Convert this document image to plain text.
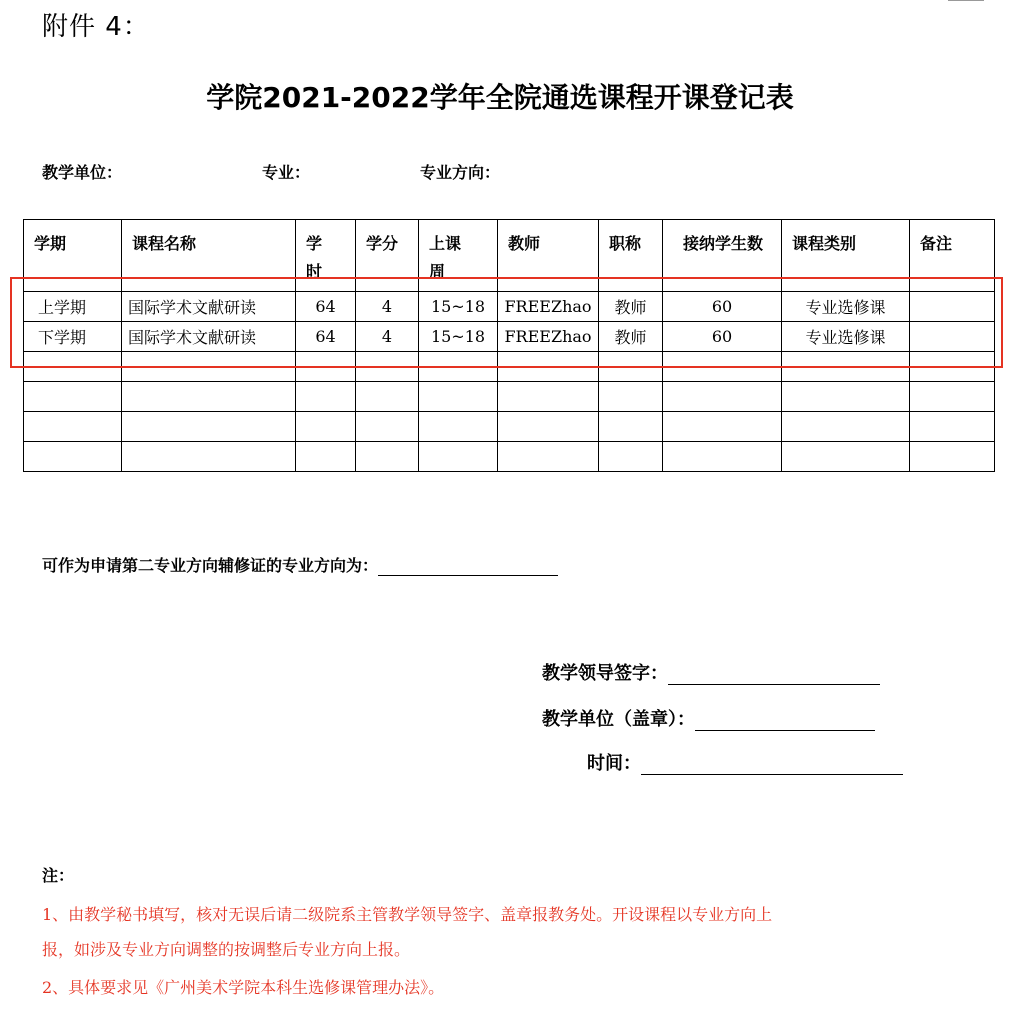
附件 4：
学院2021-2022学年全院通选课程开课登记表
教学单位：	专业：	专业方向：
学期	课程名称	学时	学分	上课周	教师	职称	接纳学生数	课程类别	备注
上学期	国际学术文献研读	64	4	15~18	FREEZhao	教师	60	专业选修课	
下学期	国际学术文献研读	64	4	15~18	FREEZhao	教师	60	专业选修课	

可作为申请第二专业方向辅修证的专业方向为：
教学领导签字：
教学单位（盖章）：
时间：
注：
1、由教学秘书填写，核对无误后请二级院系主管教学领导签字、盖章报教务处。开设课程以专业方向上
报，如涉及专业方向调整的按调整后专业方向上报。
2、具体要求见《广州美术学院本科生选修课管理办法》。
